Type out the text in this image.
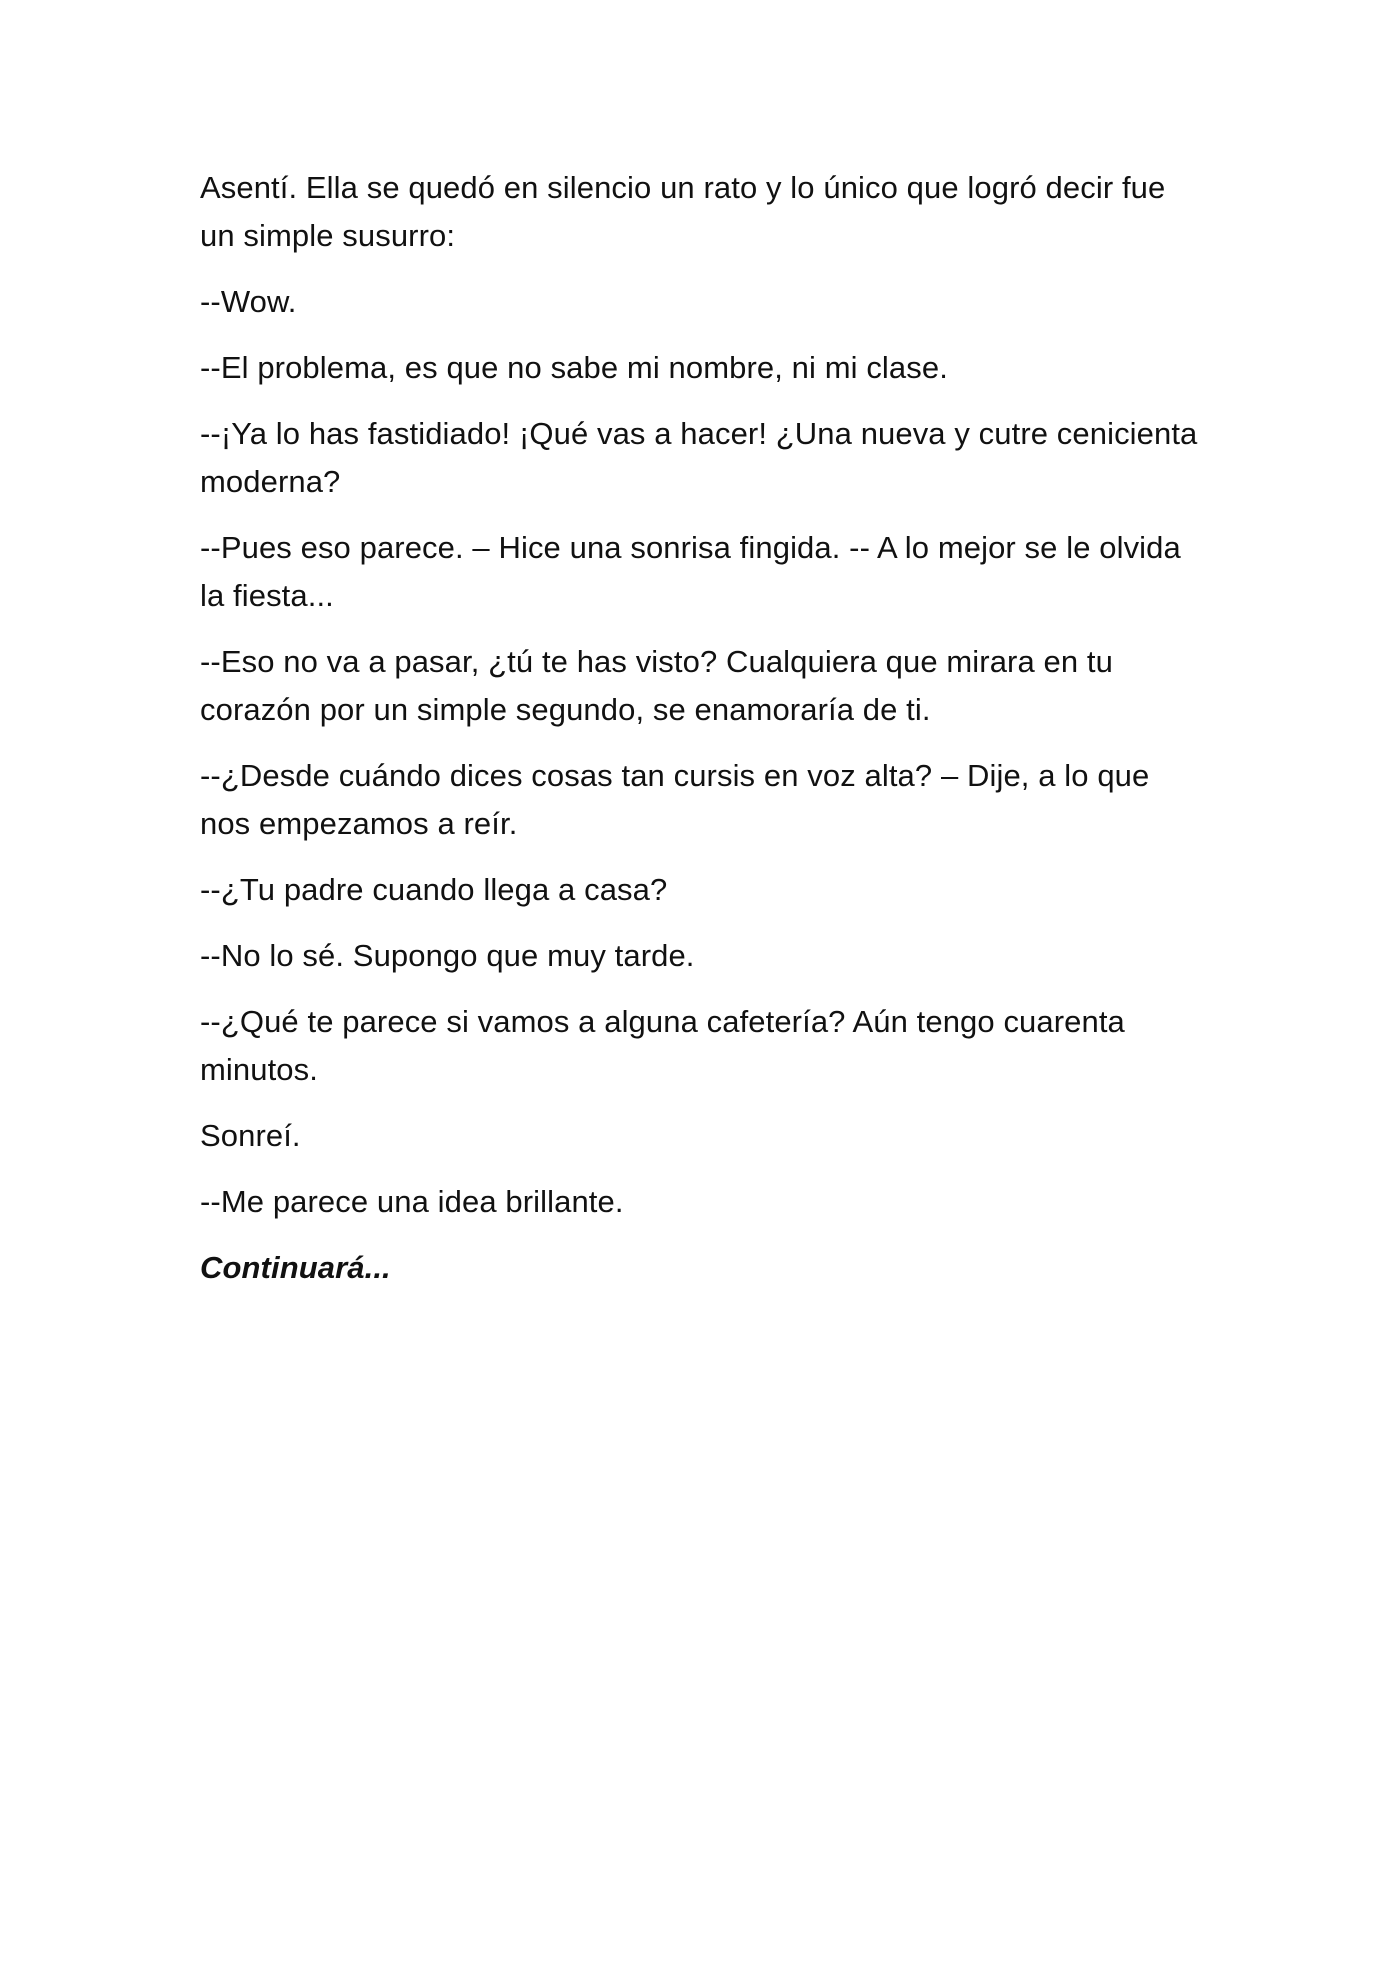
Asentí. Ella se quedó en silencio un rato y lo único que logró decir fue un simple susurro:

--Wow.

--El problema, es que no sabe mi nombre, ni mi clase.

--¡Ya lo has fastidiado! ¡Qué vas a hacer! ¿Una nueva y cutre cenicienta moderna?

--Pues eso parece. – Hice una sonrisa fingida. -- A lo mejor se le olvida la fiesta...

--Eso no va a pasar, ¿tú te has visto? Cualquiera que mirara en tu corazón por un simple segundo, se enamoraría de ti.

--¿Desde cuándo dices cosas tan cursis en voz alta? – Dije, a lo que nos empezamos a reír.

--¿Tu padre cuando llega a casa?

--No lo sé. Supongo que muy tarde.

--¿Qué te parece si vamos a alguna cafetería? Aún tengo cuarenta minutos.

Sonreí.

--Me parece una idea brillante.

Continuará...
